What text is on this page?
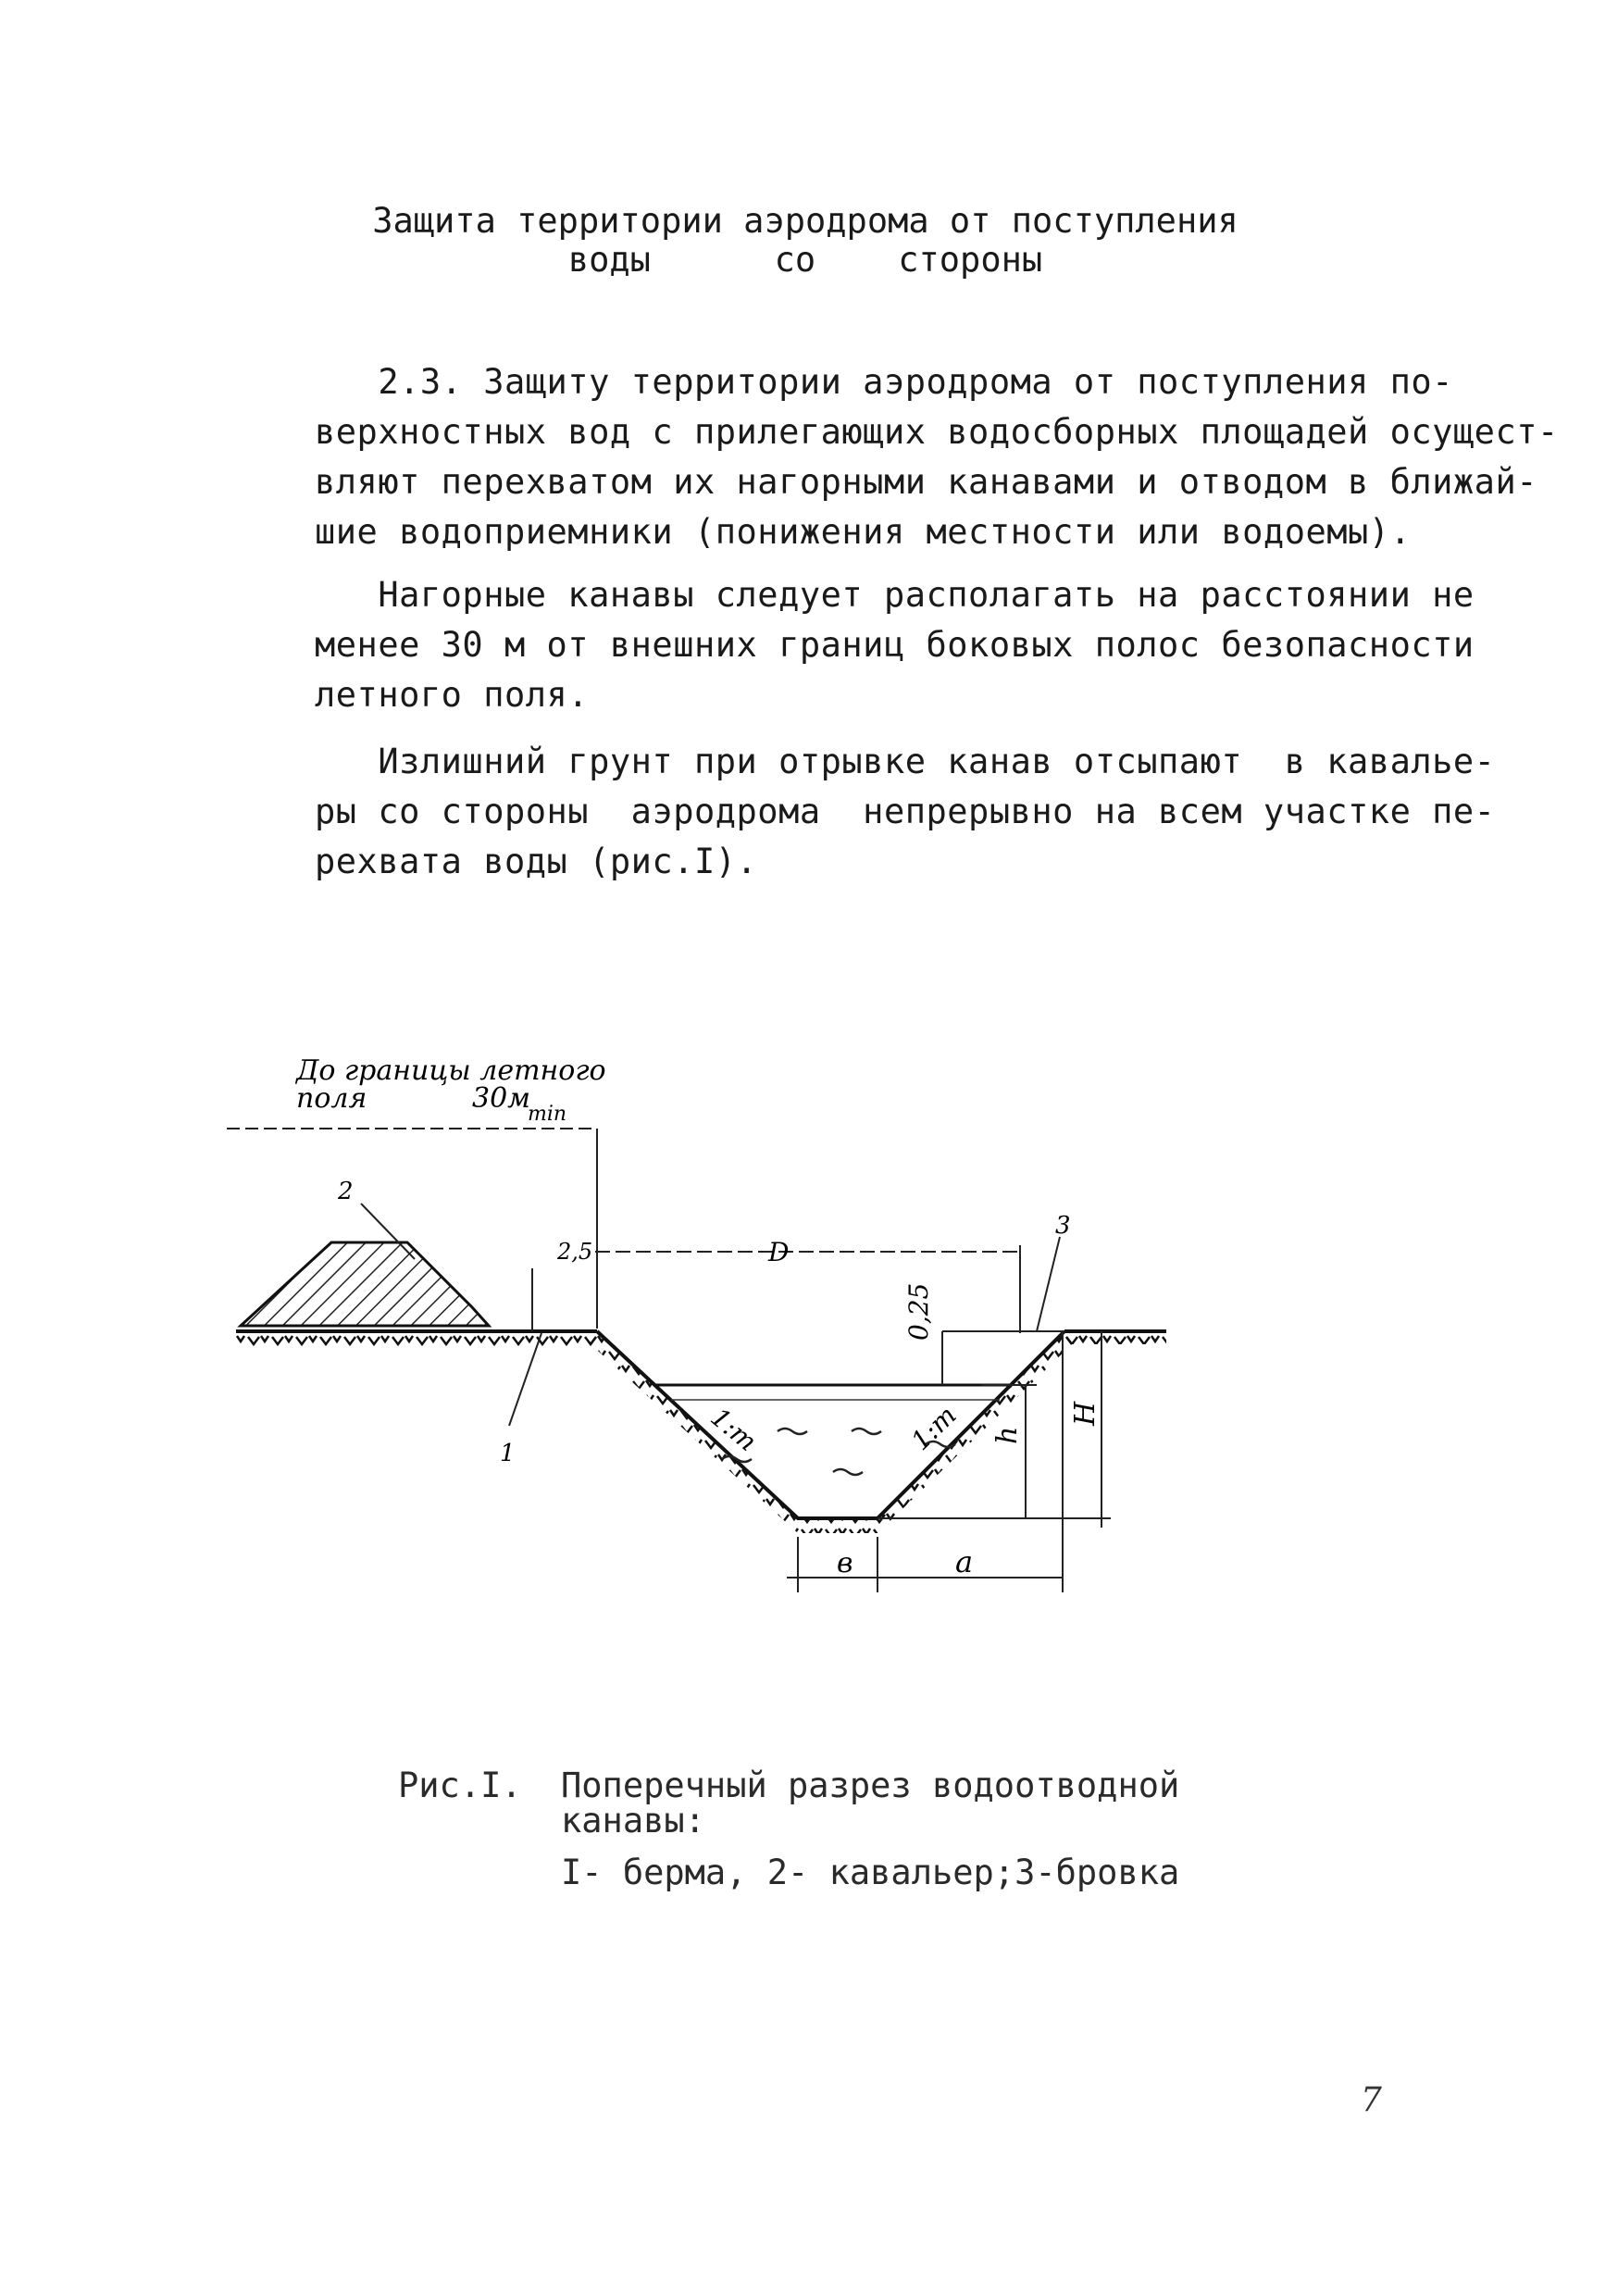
Защита территории аэродрома от поступления
воды      со    стороны
2.3. Защиту территории аэродрома от поступления по-
верхностных вод с прилегающих водосборных площадей осущест-
вляют перехватом их нагорными канавами и отводом в ближай-
шие водоприемники (понижения местности или водоемы).
Нагорные канавы следует располагать на расстоянии не
менее 30 м от внешних границ боковых полос безопасности
летного поля.
Излишний грунт при отрывке канав отсыпают  в кавалье-
ры со стороны  аэродрома  непрерывно на всем участке пе-
рехвата воды (рис.I).
До границы летного
поля	30м
min
2
2,5	D
1
3
0,25
1:m	1:m h
H
в	a
Рис.I. Поперечный разрез водоотводной
канавы:
I- берма, 2- кавальер;3-бровка
7
